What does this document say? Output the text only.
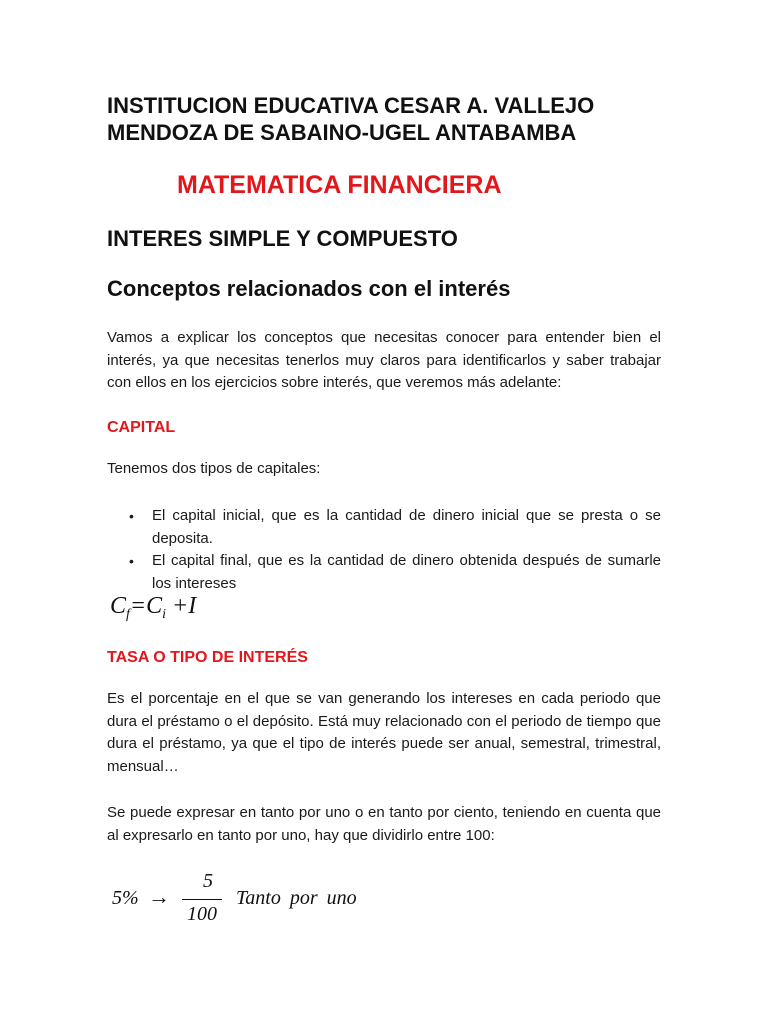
INSTITUCION EDUCATIVA CESAR A. VALLEJO
MENDOZA DE SABAINO-UGEL ANTABAMBA
MATEMATICA FINANCIERA
INTERES SIMPLE Y COMPUESTO
Conceptos relacionados con el interés

Vamos a explicar los conceptos que necesitas conocer para entender bien el interés, ya que necesitas tenerlos muy claros para identificarlos y saber trabajar con ellos en los ejercicios sobre interés, que veremos más adelante:

CAPITAL

Tenemos dos tipos de capitales:

• El capital inicial, que es la cantidad de dinero inicial que se presta o se deposita.
• El capital final, que es la cantidad de dinero obtenida después de sumarle los intereses
$C_f=C_i +I$
TASA O TIPO DE INTERÉS

Es el porcentaje en el que se van generando los intereses en cada periodo que dura el préstamo o el depósito. Está muy relacionado con el periodo de tiempo que dura el préstamo, ya que el tipo de interés puede ser anual, semestral, trimestral, mensual…

Se puede expresar en tanto por uno o en tanto por ciento, teniendo en cuenta que al expresarlo en tanto por uno, hay que dividirlo entre 100:

5% →
5
100
Tanto por uno
